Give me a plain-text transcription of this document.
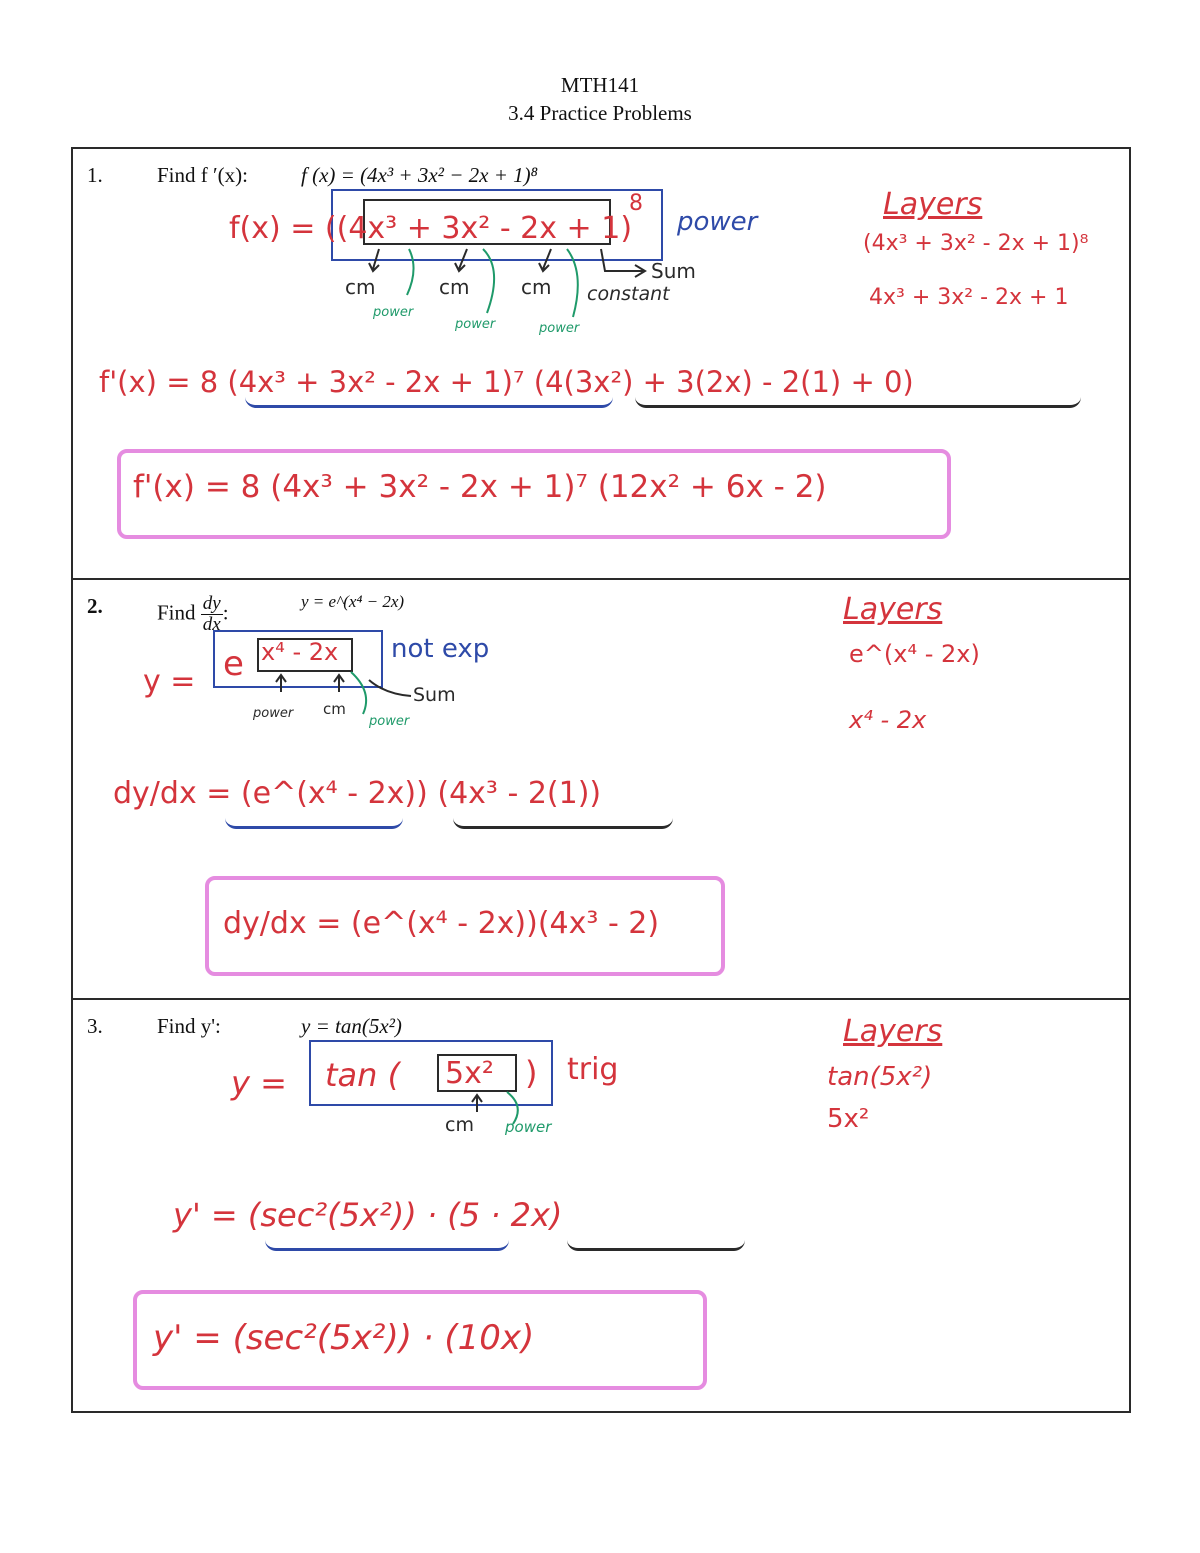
MTH141
3.4 Practice Problems
1.	Find f ′(x):	f (x) = (4x³ + 3x² − 2x + 1)⁸
f(x) = ((4x³ + 3x² - 2x + 1)
8
power
cm	cm	cm constant
Sum
power
power	power
f'(x) = 8 (4x³ + 3x² - 2x + 1)⁷ (4(3x²) + 3(2x) - 2(1) + 0)
f'(x) = 8 (4x³ + 3x² - 2x + 1)⁷ (12x² + 6x - 2)
Layers
(4x³ + 3x² - 2x + 1)⁸
4x³ + 3x² - 2x + 1
2.	Find $\frac{dy}{dx}$ :	y = e^(x⁴ − 2x)
y = e x⁴ - 2x not exp
Sum
power cm
power
dy/dx = (e^(x⁴ - 2x)) (4x³ - 2(1))
dy/dx = (e^(x⁴ - 2x))(4x³ - 2)
Layers
e^(x⁴ - 2x)
x⁴ - 2x
3.	Find y':	y = tan(5x²)
y = tan ( 5x² ) trig
cm power
y' = (sec²(5x²)) · (5 · 2x)
y' = (sec²(5x²)) · (10x)
Layers
tan(5x²)
5x²
